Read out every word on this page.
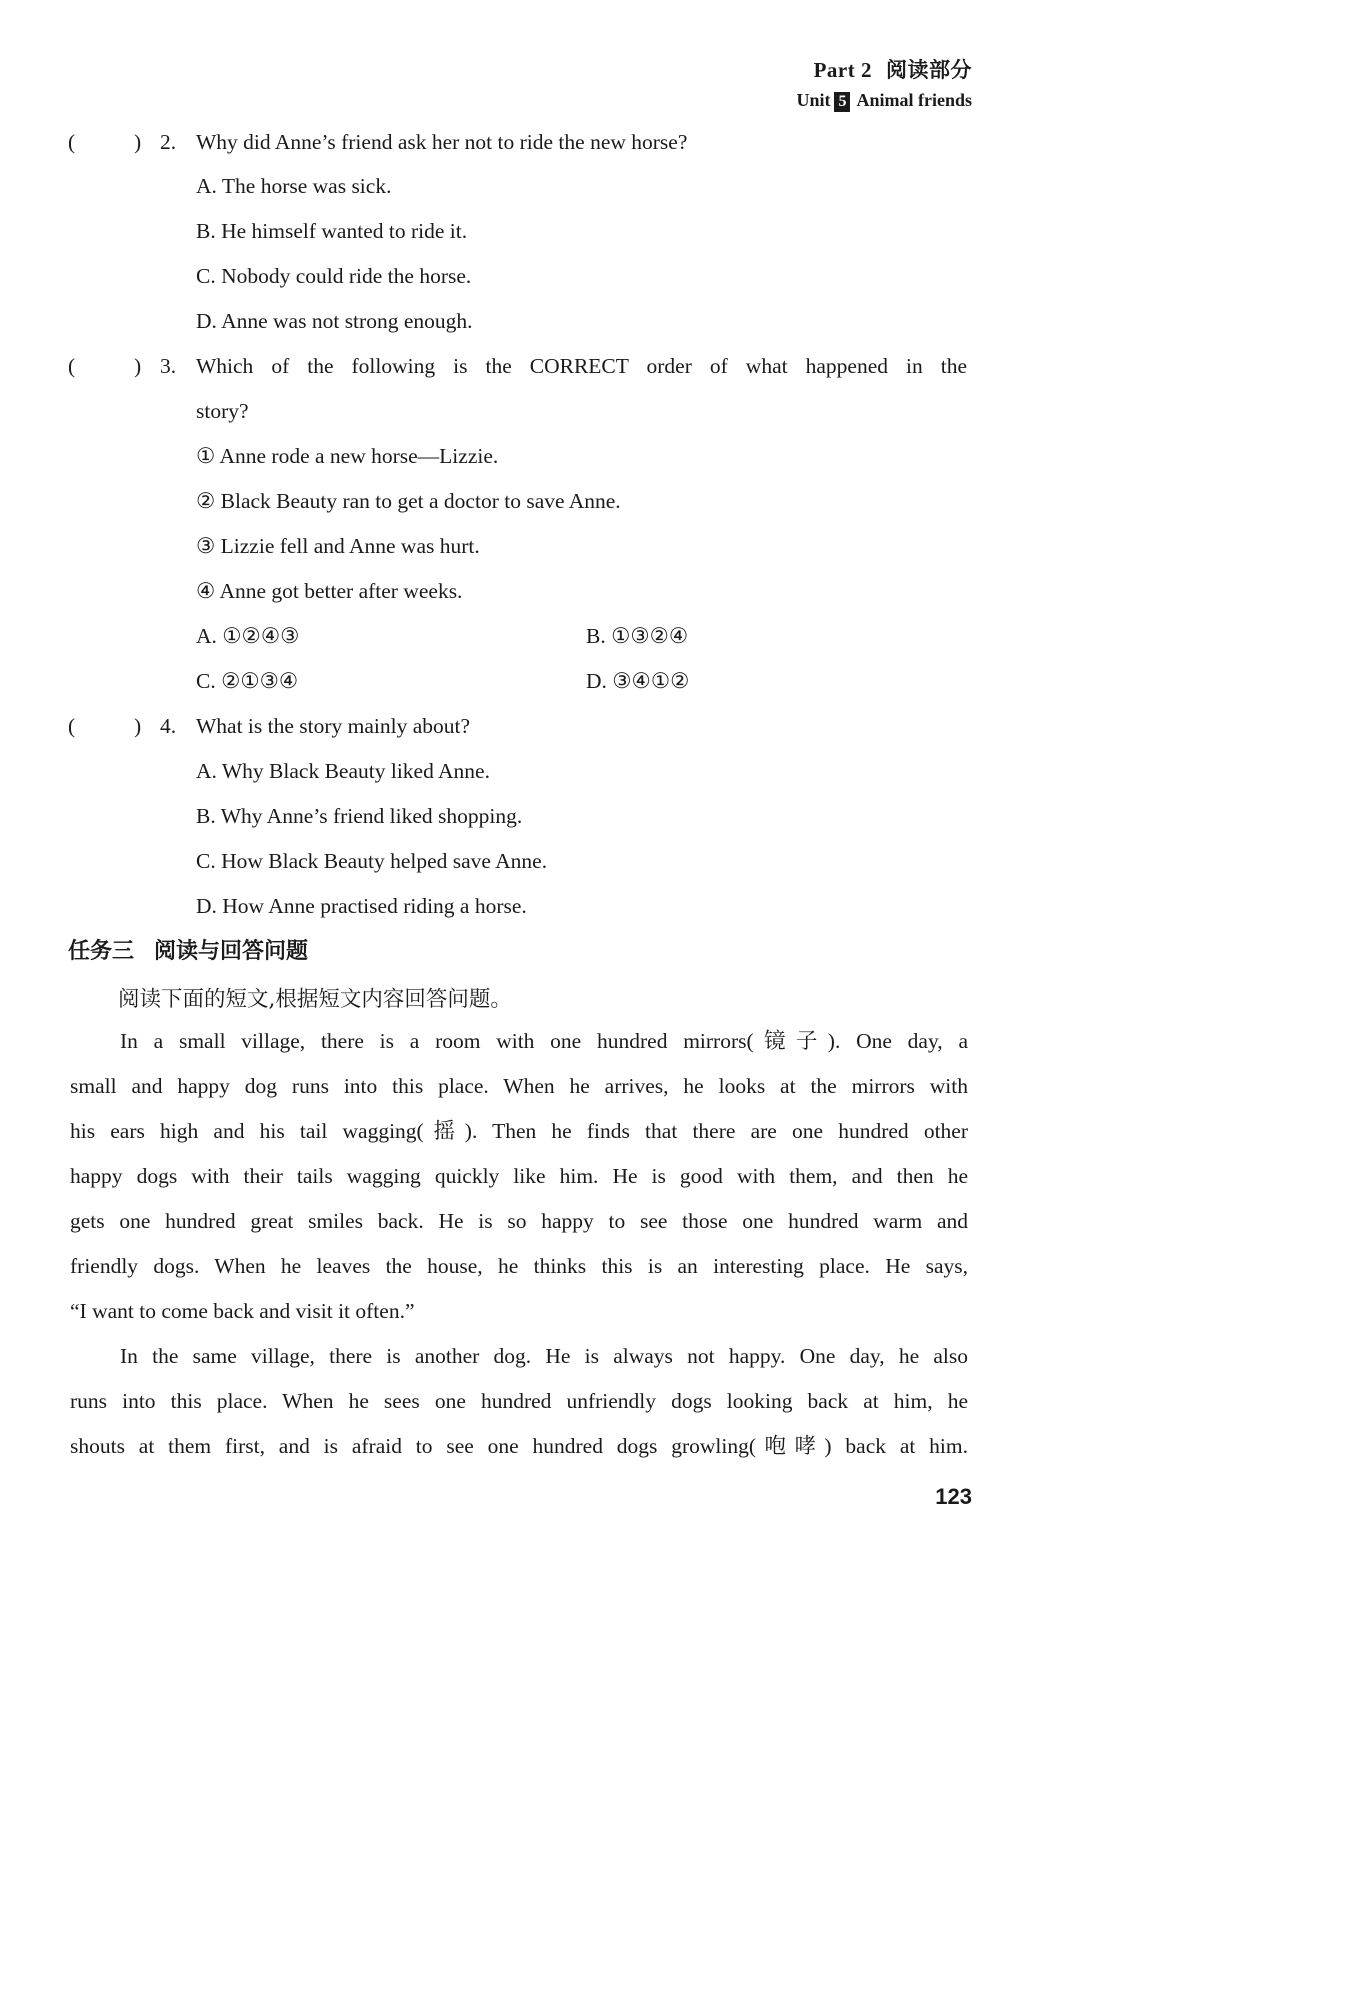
Part 2 阅读部分
Unit 5 Animal friends
(	) 2. Why did Anne’s friend ask her not to ride the new horse?
A. The horse was sick.
B. He himself wanted to ride it.
C. Nobody could ride the horse.
D. Anne was not strong enough.
(	) 3. Which of the following is the CORRECT order of what happened in the
story?
① Anne rode a new horse—Lizzie.
② Black Beauty ran to get a doctor to save Anne.
③ Lizzie fell and Anne was hurt.
④ Anne got better after weeks.
A. ①②④③	B. ①③②④
C. ②①③④	D. ③④①②
(	) 4. What is the story mainly about?
A. Why Black Beauty liked Anne.
B. Why Anne’s friend liked shopping.
C. How Black Beauty helped save Anne.
D. How Anne practised riding a horse.
任务三 阅读与回答问题
阅读下面的短文,根据短文内容回答问题。
In a small village, there is a room with one hundred mirrors(镜子). One day, a
small and happy dog runs into this place. When he arrives, he looks at the mirrors with
his ears high and his tail wagging(摇). Then he finds that there are one hundred other
happy dogs with their tails wagging quickly like him. He is good with them, and then he
gets one hundred great smiles back. He is so happy to see those one hundred warm and
friendly dogs. When he leaves the house, he thinks this is an interesting place. He says,
“I want to come back and visit it often.”
In the same village, there is another dog. He is always not happy. One day, he also
runs into this place. When he sees one hundred unfriendly dogs looking back at him, he
shouts at them first, and is afraid to see one hundred dogs growling(咆哮) back at him.
123
